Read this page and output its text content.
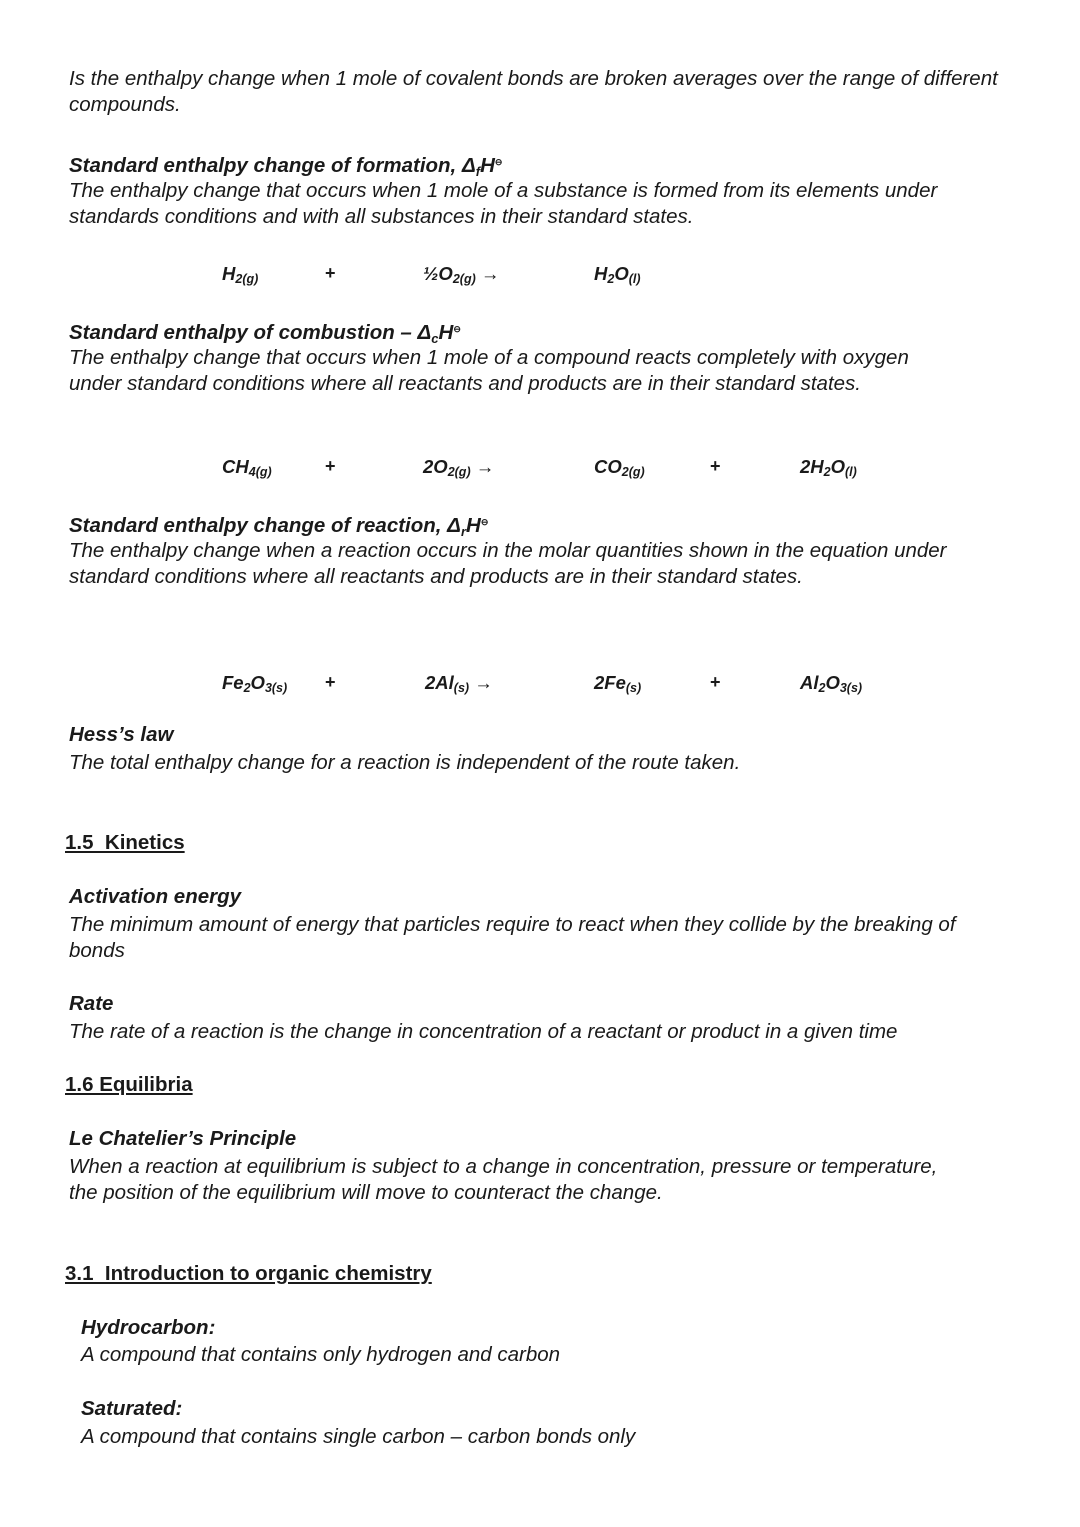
Is the enthalpy change when 1 mole of covalent bonds are broken averages over the range of different compounds.

Standard enthalpy change of formation, ΔfH⊖

The enthalpy change that occurs when 1 mole of a substance is formed from its elements under standards conditions and with all substances in their standard states.

$H_{2(g)}$	+	$\frac{1}{2}O_{2(g)}$ →	$H_2O_{(l)}$

Standard enthalpy of combustion – ΔcH⊖

The enthalpy change that occurs when 1 mole of a compound reacts completely with oxygen under standard conditions where all reactants and products are in their standard states.

$CH_{4(g)}$	+	$2O_{2(g)}$ →	$CO_{2(g)}$	+	$2H_2O_{(l)}$

Standard enthalpy change of reaction, ΔrH⊖

The enthalpy change when a reaction occurs in the molar quantities shown in the equation under standard conditions where all reactants and products are in their standard states.

$Fe_2O_{3(s)}$ +	$2Al_{(s)}$ →	$2Fe_{(s)}$	+	$Al_2O_{3(s)}$

Hess’s law

The total enthalpy change for a reaction is independent of the route taken.

1.5  Kinetics

Activation energy

The minimum amount of energy that particles require to react when they collide by the breaking of bonds

Rate

The rate of a reaction is the change in concentration of a reactant or product in a given time

1.6 Equilibria

Le Chatelier’s Principle

When a reaction at equilibrium is subject to a change in concentration, pressure or temperature, the position of the equilibrium will move to counteract the change.

3.1  Introduction to organic chemistry

Hydrocarbon:

A compound that contains only hydrogen and carbon

Saturated:

A compound that contains single carbon – carbon bonds only
